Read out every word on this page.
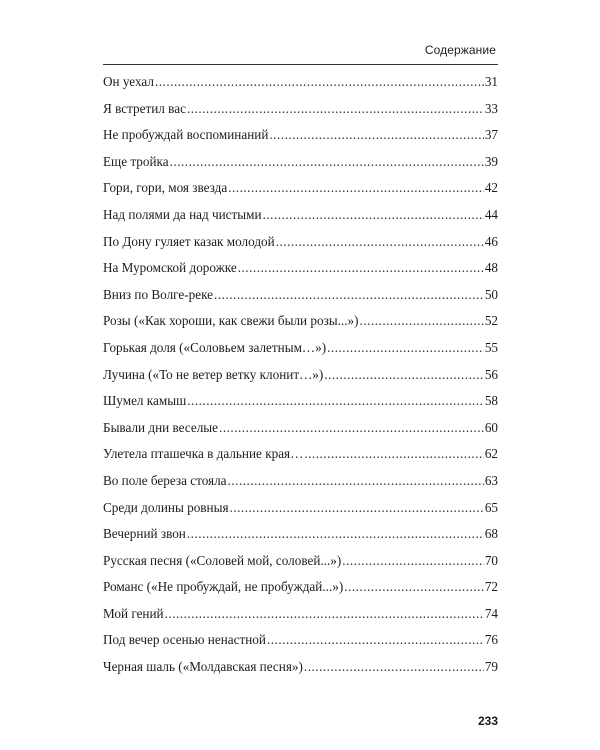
Содержание
Он уехал .....	31
Я встретил вас .....	33
Не пробуждай воспоминаний .....	37
Еще тройка .....	39
Гори, гори, моя звезда .....	42
Над полями да над чистыми .....	44
По Дону гуляет казак молодой .....	46
На Муромской дорожке .....	48
Вниз по Волге-реке .....	50
Розы («Как хороши, как свежи были розы...») .....	52
Горькая доля («Соловьем залетным…») .....	55
Лучина («То не ветер ветку клонит…») .....	56
Шумел камыш .....	58
Бывали дни веселые .....	60
Улетела пташечка в дальние края… .....	62
Во поле береза стояла .....	63
Среди долины ровныя .....	65
Вечерний звон .....	68
Русская песня («Соловей мой, соловей...») .....	70
Романс («Не пробуждай, не пробуждай...») .....	72
Мой гений .....	74
Под вечер осенью ненастной .....	76
Черная шаль («Молдавская песня») .....	79
233
